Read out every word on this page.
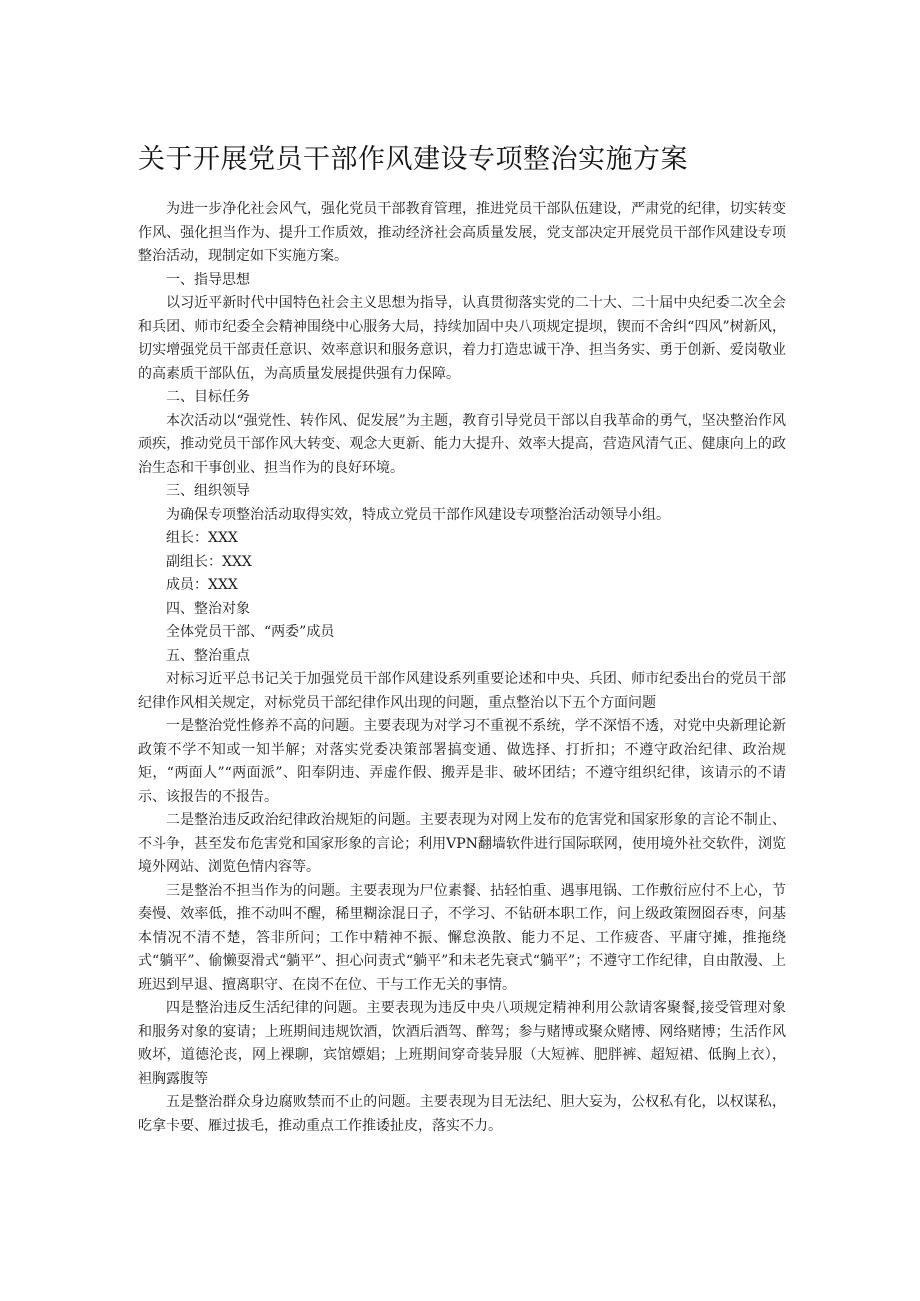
关于开展党员干部作风建设专项整治实施方案

为进一步净化社会风气，强化党员干部教育管理，推进党员干部队伍建设，严肃党的纪律，切实转变作风、强化担当作为、提升工作质效，推动经济社会高质量发展，党支部决定开展党员干部作风建设专项整治活动，现制定如下实施方案。

一、指导思想

以习近平新时代中国特色社会主义思想为指导，认真贯彻落实党的二十大、二十届中央纪委二次全会和兵团、师市纪委全会精神围绕中心服务大局，持续加固中央八项规定提坝，锲而不舍纠“四风”树新风，切实增强党员干部责任意识、效率意识和服务意识，着力打造忠诚干净、担当务实、勇于创新、爱岗敬业的高素质干部队伍，为高质量发展提供强有力保障。

二、目标任务

本次活动以“强党性、转作风、促发展”为主题，教育引导党员干部以自我革命的勇气，坚决整治作风顽疾，推动党员干部作风大转变、观念大更新、能力大提升、效率大提高，营造风清气正、健康向上的政治生态和干事创业、担当作为的良好环境。

三、组织领导

为确保专项整治活动取得实效，特成立党员干部作风建设专项整治活动领导小组。

组长：XXX

副组长：XXX

成员：XXX

四、整治对象

全体党员干部、“两委”成员

五、整治重点

对标习近平总书记关于加强党员干部作风建设系列重要论述和中央、兵团、师市纪委出台的党员干部纪律作风相关规定，对标党员干部纪律作风出现的问题，重点整治以下五个方面问题

一是整治党性修养不高的问题。主要表现为对学习不重视不系统，学不深悟不透，对党中央新理论新政策不学不知或一知半解；对落实党委决策部署搞变通、做选择、打折扣；不遵守政治纪律、政治规矩，“两面人”“两面派”、阳奉阴违、弄虚作假、搬弄是非、破坏团结；不遵守组织纪律，该请示的不请示、该报告的不报告。

二是整治违反政治纪律政治规矩的问题。主要表现为对网上发布的危害党和国家形象的言论不制止、不斗争，甚至发布危害党和国家形象的言论；利用VPN翻墙软件进行国际联网，使用境外社交软件，浏览境外网站、浏览色情内容等。

三是整治不担当作为的问题。主要表现为尸位素餐、拈轻怕重、遇事甩锅、工作敷衍应付不上心，节奏慢、效率低，推不动叫不醒，稀里糊涂混日子，不学习、不钻研本职工作，问上级政策囫囵吞枣，问基本情况不清不楚，答非所问；工作中精神不振、懈怠涣散、能力不足、工作疲沓、平庸守摊，推拖绕式“躺平”、偷懒耍滑式“躺平”、担心问责式“躺平”和未老先衰式“躺平”；不遵守工作纪律，自由散漫、上班迟到早退、擅离职守、在岗不在位、干与工作无关的事情。

四是整治违反生活纪律的问题。主要表现为违反中央八项规定精神利用公款请客聚餐,接受管理对象和服务对象的宴请；上班期间违规饮酒，饮酒后酒驾、醉驾；参与赌博或聚众赌博、网络赌博；生活作风败坏，道德沦丧，网上裸聊，宾馆嫖娼；上班期间穿奇装异服（大短裤、肥胖裤、超短裙、低胸上衣），袒胸露腹等

五是整治群众身边腐败禁而不止的问题。主要表现为目无法纪、胆大妄为，公权私有化，以权谋私，吃拿卡要、雁过拔毛，推动重点工作推诿扯皮，落实不力。
